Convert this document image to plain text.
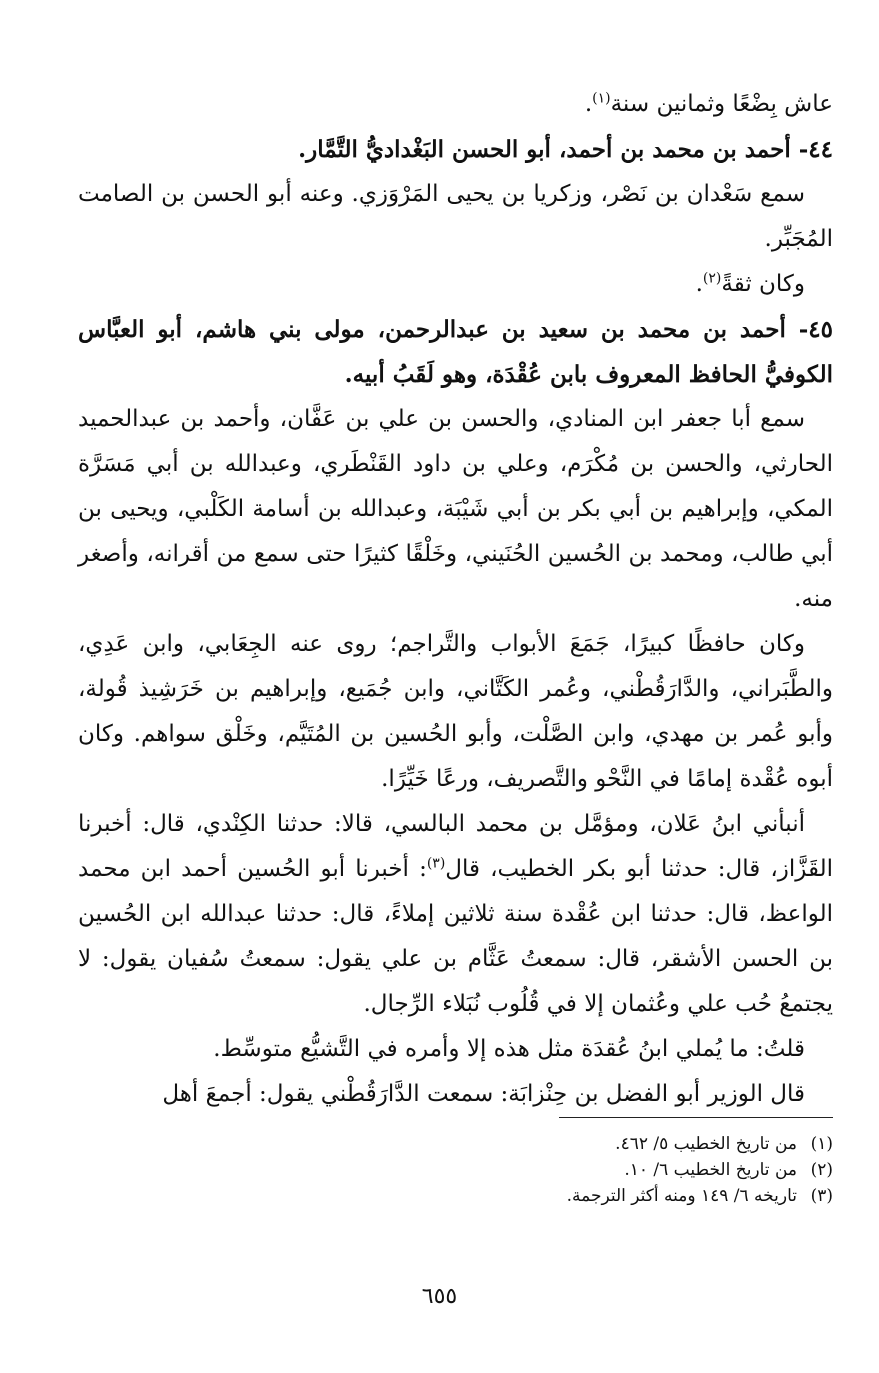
عاش بِضْعًا وثمانين سنة$^{(١)}$.

٤٤- أحمد بن محمد بن أحمد، أبو الحسن البَغْداديُّ التَّمَّار.

سمع سَعْدان بن نَصْر، وزكريا بن يحيى المَرْوَزي. وعنه أبو الحسن بن الصامت المُجَبِّر.

وكان ثقةً$^{(٢)}$.

٤٥- أحمد بن محمد بن سعيد بن عبدالرحمن، مولى بني هاشم، أبو العبَّاس الكوفيُّ الحافظ المعروف بابن عُقْدَة، وهو لَقَبُ أبيه.

سمع أبا جعفر ابن المنادي، والحسن بن علي بن عَفَّان، وأحمد بن عبدالحميد الحارثي، والحسن بن مُكْرَم، وعلي بن داود القَنْطَري، وعبدالله بن أبي مَسَرَّة المكي، وإبراهيم بن أبي بكر بن أبي شَيْبَة، وعبدالله بن أسامة الكَلْبي، ويحيى بن أبي طالب، ومحمد بن الحُسين الحُنَيني، وخَلْقًا كثيرًا حتى سمع من أقرانه، وأصغر منه.

وكان حافظًا كبيرًا، جَمَعَ الأبواب والتَّراجم؛ روى عنه الجِعَابي، وابن عَدِي، والطَّبَراني، والدَّارَقُطْني، وعُمر الكَتَّاني، وابن جُمَيع، وإبراهيم بن خَرَشِيذ قُولة، وأبو عُمر بن مهدي، وابن الصَّلْت، وأبو الحُسين بن المُتَيَّم، وخَلْق سواهم. وكان أبوه عُقْدة إمامًا في النَّحْو والتَّصريف، ورعًا خَيِّرًا.

أنبأني ابنُ عَلان، ومؤمَّل بن محمد البالسي، قالا: حدثنا الكِنْدي، قال: أخبرنا القَزَّاز، قال: حدثنا أبو بكر الخطيب، قال$^{(٣)}$: أخبرنا أبو الحُسين أحمد ابن محمد الواعظ، قال: حدثنا ابن عُقْدة سنة ثلاثين إملاءً، قال: حدثنا عبدالله ابن الحُسين بن الحسن الأشقر، قال: سمعتُ عَثَّام بن علي يقول: سمعتُ سُفيان يقول: لا يجتمعُ حُب علي وعُثمان إلا في قُلُوب نُبَلاء الرِّجال.

قلتُ: ما يُملي ابنُ عُقدَة مثل هذه إلا وأمره في التَّشيُّع متوسِّط.

قال الوزير أبو الفضل بن حِنْزابَة: سمعت الدَّارَقُطْني يقول: أجمعَ أهل

(١)من تاريخ الخطيب ٥/ ٤٦٢.
(٢)من تاريخ الخطيب ٦/ ١٠.
(٣)تاريخه ٦/ ١٤٩ ومنه أكثر الترجمة.
٦٥٥
